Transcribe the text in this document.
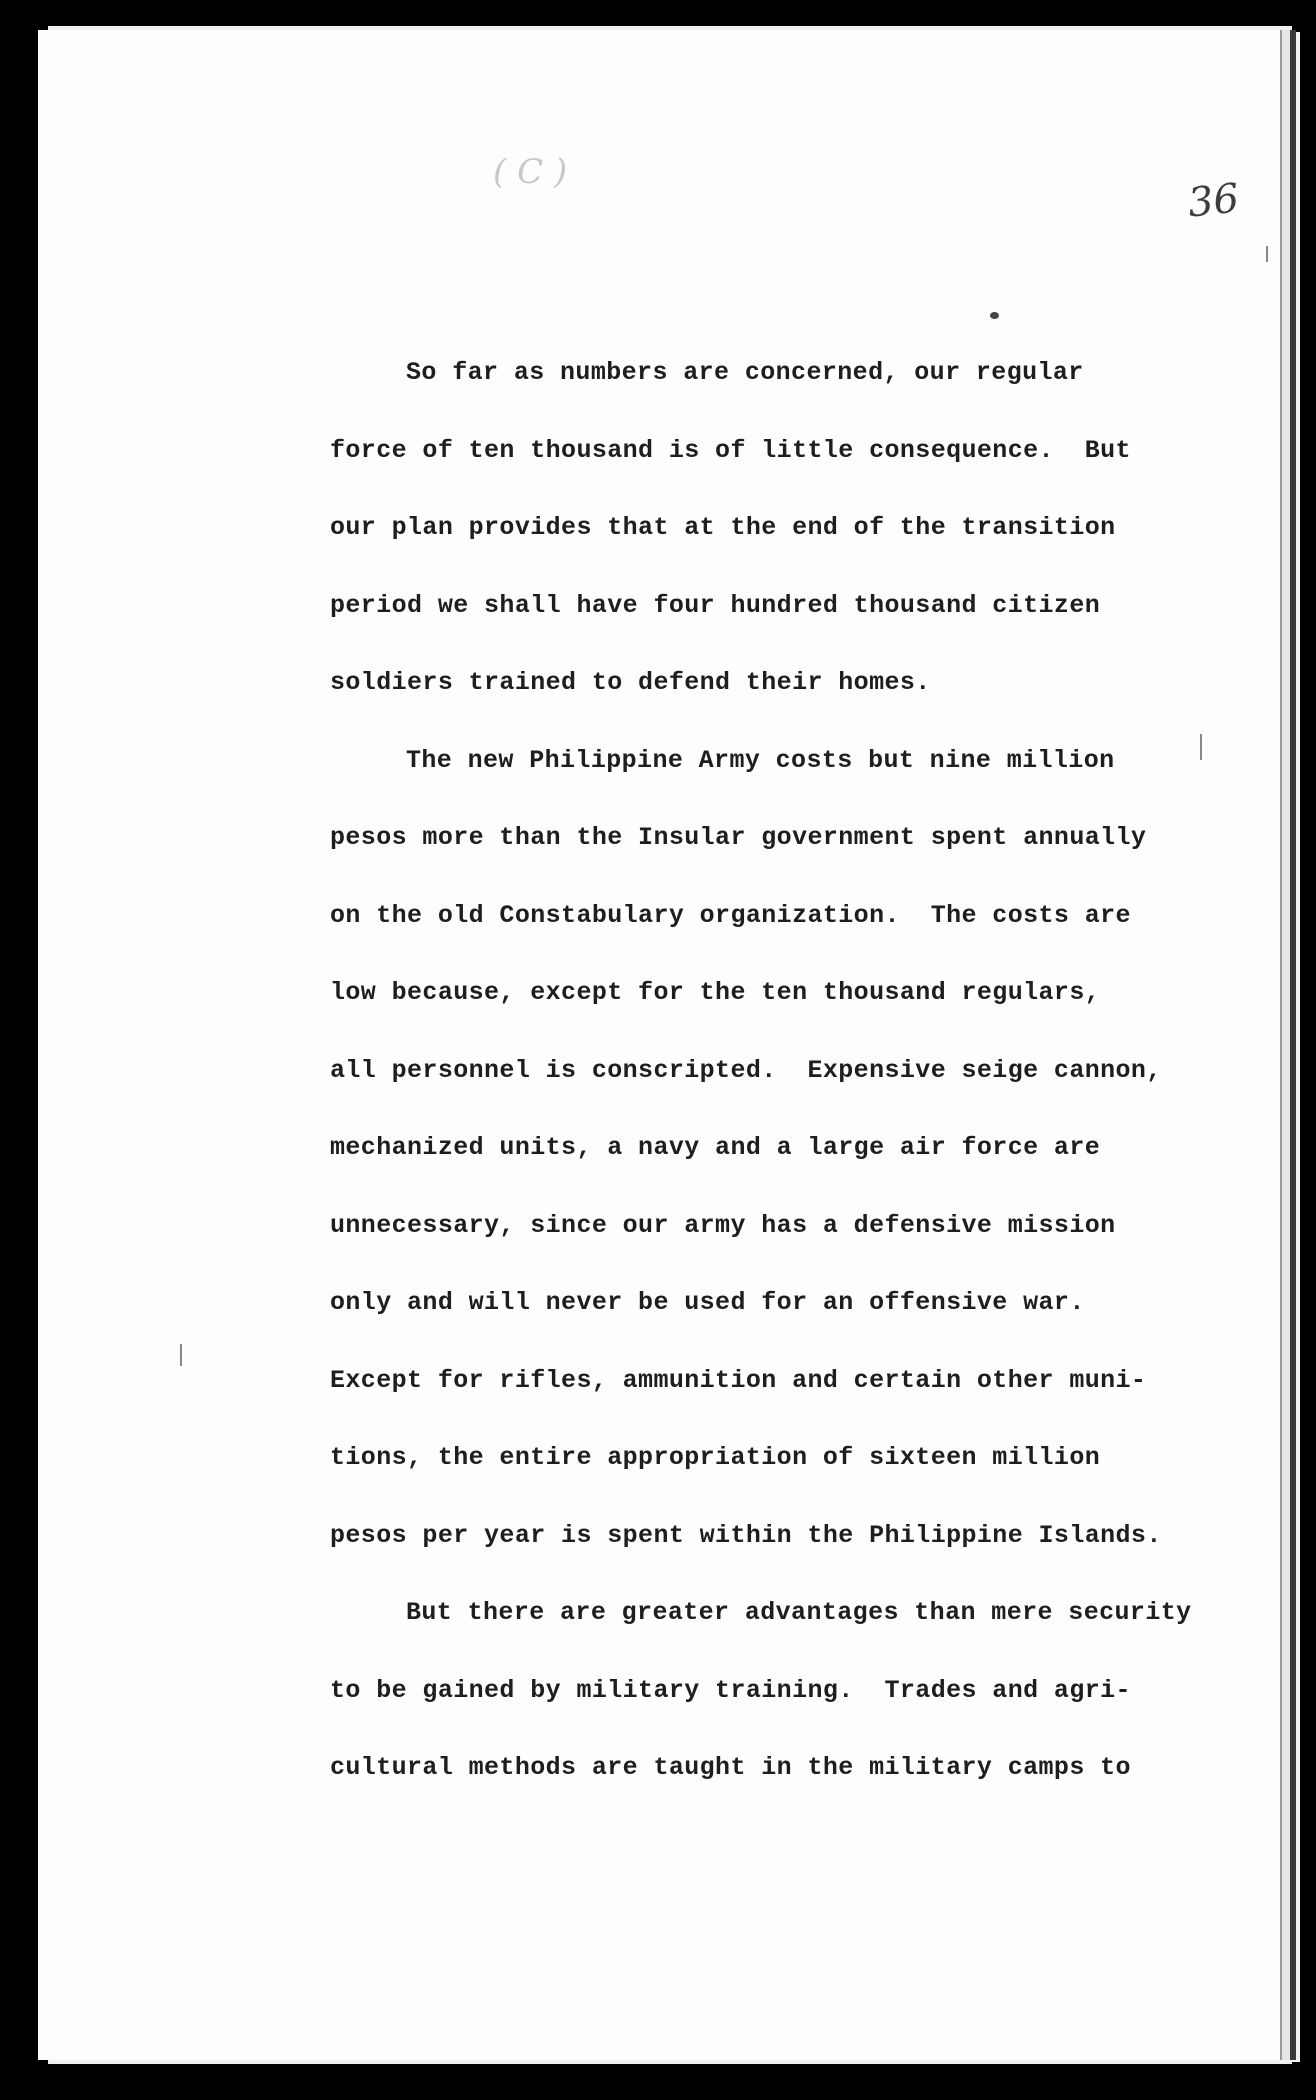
( C )
36
So far as numbers are concerned, our regular
force of ten thousand is of little consequence.  But
our plan provides that at the end of the transition
period we shall have four hundred thousand citizen
soldiers trained to defend their homes.
The new Philippine Army costs but nine million
pesos more than the Insular government spent annually
on the old Constabulary organization.  The costs are
low because, except for the ten thousand regulars,
all personnel is conscripted.  Expensive seige cannon,
mechanized units, a navy and a large air force are
unnecessary, since our army has a defensive mission
only and will never be used for an offensive war.
Except for rifles, ammunition and certain other muni-
tions, the entire appropriation of sixteen million
pesos per year is spent within the Philippine Islands.
But there are greater advantages than mere security
to be gained by military training.  Trades and agri-
cultural methods are taught in the military camps to
